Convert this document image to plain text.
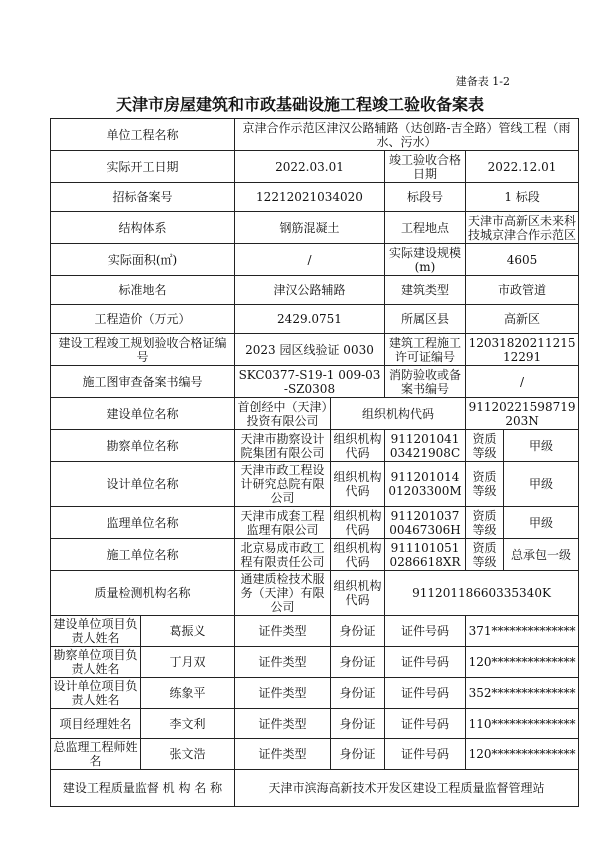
建备表 1-2
天津市房屋建筑和市政基础设施工程竣工验收备案表
单位工程名称		京津合作示范区津汉公路辅路（达创路-吉全路）管线工程（雨水、污水）				
实际开工日期		2022.03.01		竣工验收合格日期	2022.12.01	
招标备案号		12212021034020		标段号	1 标段	
结构体系		钢筋混凝土		工程地点	天津市高新区未来科技城京津合作示范区	
实际面积(㎡)		/		实际建设规模(m)	4605	
标准地名		津汉公路辅路		建筑类型	市政管道	
工程造价（万元）		2429.0751		所属区县	高新区	
建设工程竣工规划验收合格证编号		2023 园区线验证 0030		建筑工程施工许可证编号	12031820211215 12291	
施工图审查备案书编号		SKC0377-S19-1 009-03-SZ0308		消防验收或备案书编号	/	
建设单位名称		首创经中（天津）投资有限公司	组织机构代码		91120221598719 203N	
勘察单位名称		天津市勘察设计院集团有限公司	组织机构代码	91120104103421908C	资质等级	甲级
设计单位名称		天津市政工程设计研究总院有限公司	组织机构代码	91120101401203300M	资质等级	甲级
监理单位名称		天津市成套工程监理有限公司	组织机构代码	91120103700467306H	资质等级	甲级
施工单位名称		北京易成市政工程有限责任公司	组织机构代码	9111010510286618XR	资质等级	总承包一级
质量检测机构名称		通建质检技术服务（天津）有限公司	组织机构代码	91120118660335340K		
建设单位项目负责人姓名	葛振义	证件类型	身份证	证件号码	371**************	
勘察单位项目负责人姓名	丁月双	证件类型	身份证	证件号码	120**************	
设计单位项目负责人姓名	练象平	证件类型	身份证	证件号码	352**************	
项目经理姓名	李文利	证件类型	身份证	证件号码	110**************	
总监理工程师姓名	张文浩	证件类型	身份证	证件号码	120**************	
建设工程质量监督 机 构 名 称		天津市滨海高新技术开发区建设工程质量监督管理站				
